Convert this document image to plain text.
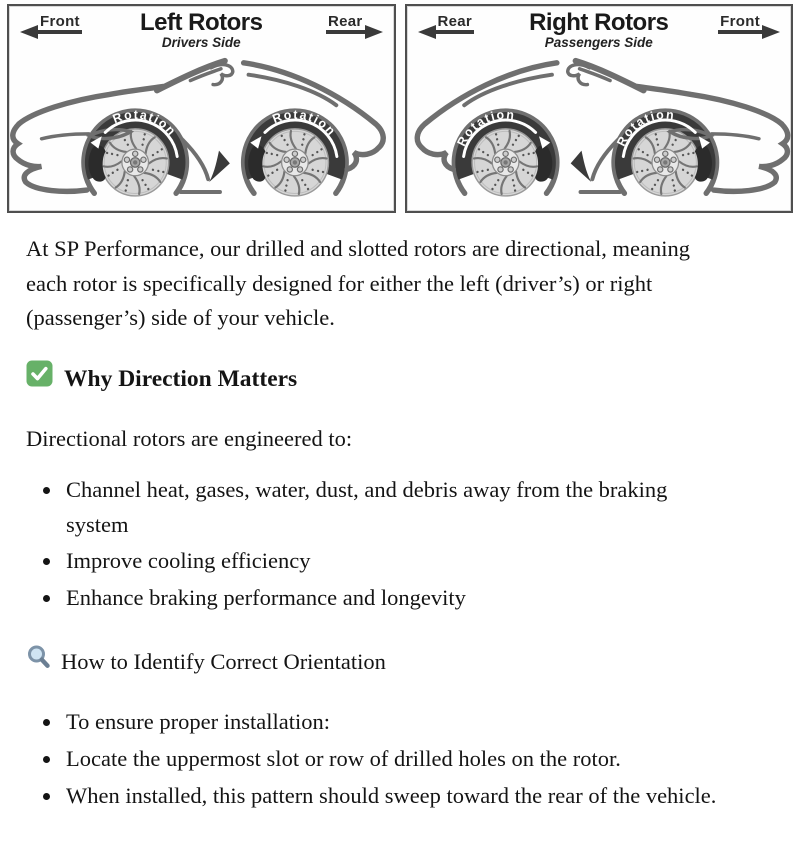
Front	Left Rotors
Drivers Side
Rear	Rear	Right Rotors
Passengers Side
Front

At SP Performance, our drilled and slotted rotors are directional, meaning each rotor is specifically designed for either the left (driver’s) or right (passenger’s) side of your vehicle.

Why Direction Matters

Directional rotors are engineered to:

• Channel heat, gases, water, dust, and debris away from the braking system
• Improve cooling efficiency
• Enhance braking performance and longevity
How to Identify Correct Orientation
• To ensure proper installation:
• Locate the uppermost slot or row of drilled holes on the rotor.
• When installed, this pattern should sweep toward the rear of the vehicle.
